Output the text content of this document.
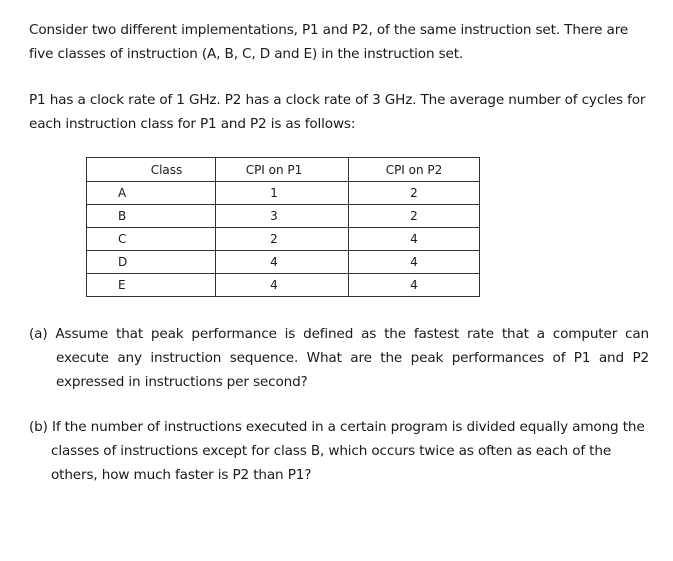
Consider two different implementations, P1 and P2, of the same instruction set. There are five classes of instruction (A, B, C, D and E) in the instruction set.
P1 has a clock rate of 1 GHz. P2 has a clock rate of 3 GHz. The average number of cycles for each instruction class for P1 and P2 is as follows:
Class	CPI on P1	CPI on P2
A	1	2
B	3	2
C	2	4
D	4	4
E	4	4
(a) Assume that peak performance is defined as the fastest rate that a computer can execute any instruction sequence. What are the peak performances of P1 and P2 expressed in instructions per second?
(b) If the number of instructions executed in a certain program is divided equally among the classes of instructions except for class B, which occurs twice as often as each of the others, how much faster is P2 than P1?
